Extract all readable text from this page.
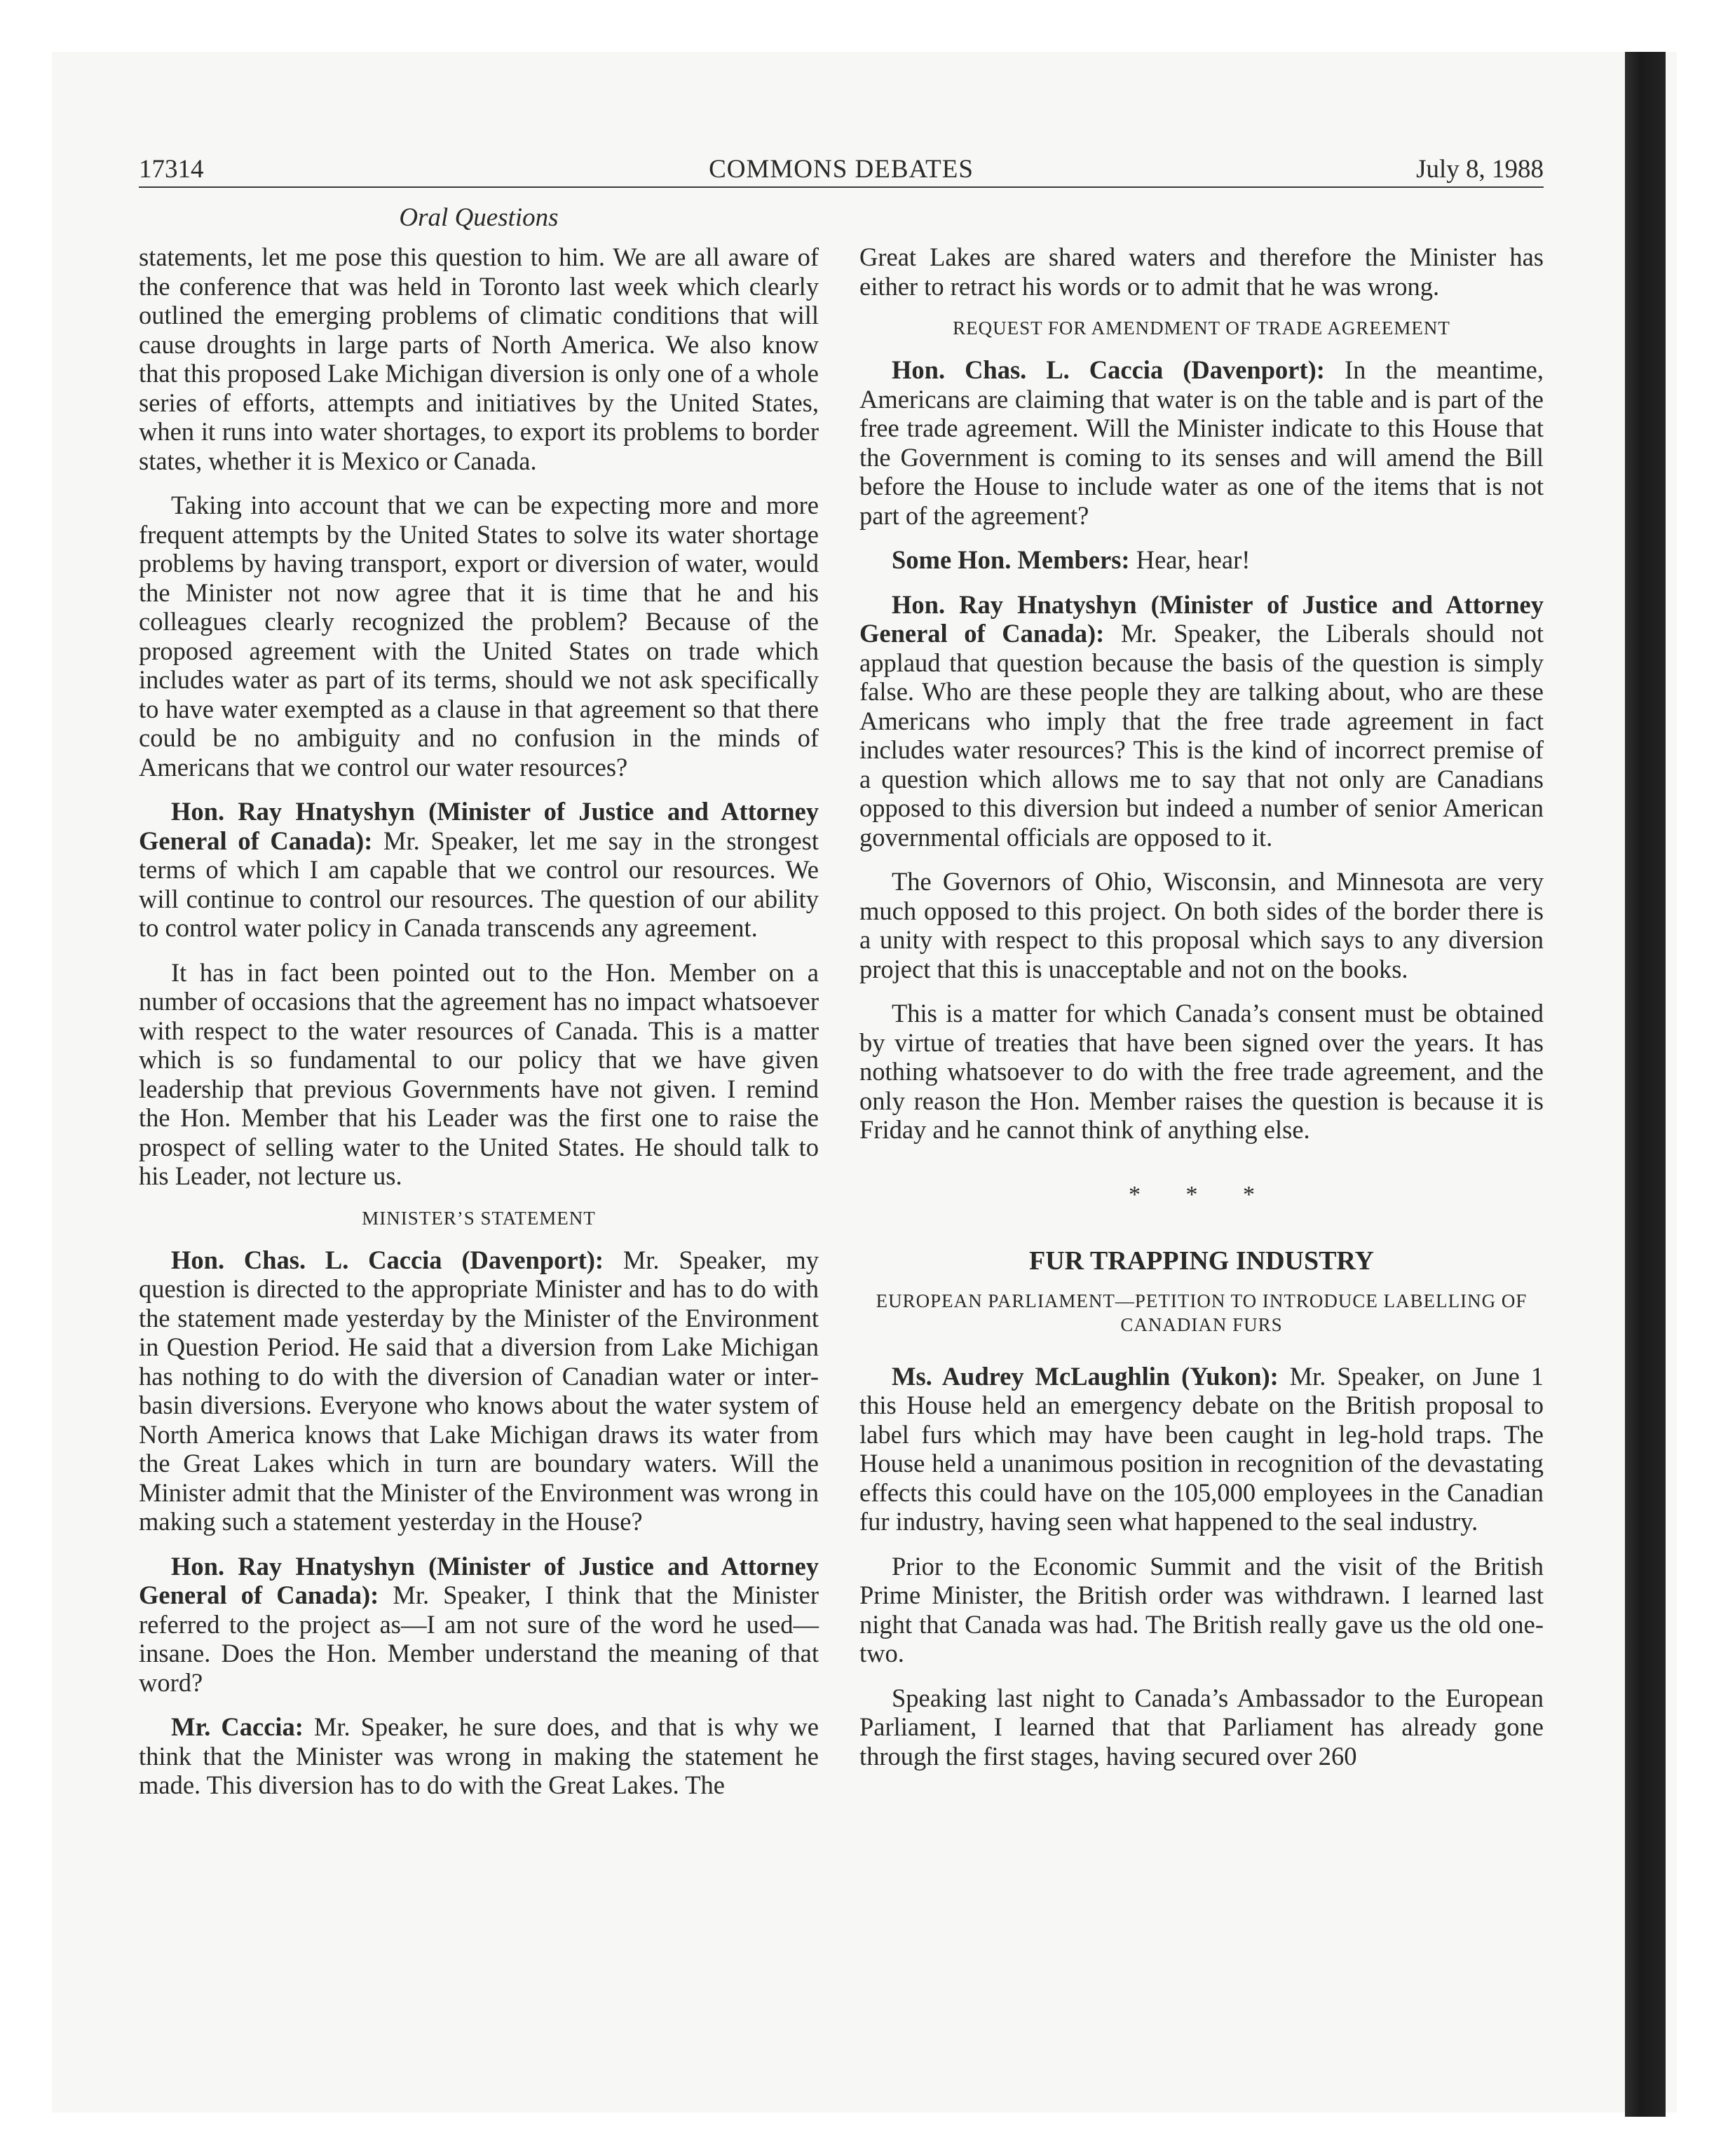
17314	COMMONS DEBATES	July 8, 1988
Oral Questions

statements, let me pose this question to him. We are all aware of the conference that was held in Toronto last week which clearly outlined the emerging problems of climatic conditions that will cause droughts in large parts of North America. We also know that this proposed Lake Michigan diversion is only one of a whole series of efforts, attempts and initiatives by the United States, when it runs into water shortages, to export its problems to border states, whether it is Mexico or Canada.

Taking into account that we can be expecting more and more frequent attempts by the United States to solve its water shortage problems by having transport, export or diversion of water, would the Minister not now agree that it is time that he and his colleagues clearly recognized the problem? Because of the proposed agreement with the United States on trade which includes water as part of its terms, should we not ask specifically to have water exempted as a clause in that agreement so that there could be no ambiguity and no confusion in the minds of Americans that we control our water resources?

Hon. Ray Hnatyshyn (Minister of Justice and Attorney General of Canada): Mr. Speaker, let me say in the strongest terms of which I am capable that we control our resources. We will continue to control our resources. The question of our ability to control water policy in Canada transcends any agreement.

It has in fact been pointed out to the Hon. Member on a number of occasions that the agreement has no impact whatsoever with respect to the water resources of Canada. This is a matter which is so fundamental to our policy that we have given leadership that previous Governments have not given. I remind the Hon. Member that his Leader was the first one to raise the prospect of selling water to the United States. He should talk to his Leader, not lecture us.

MINISTER’S STATEMENT

Hon. Chas. L. Caccia (Davenport): Mr. Speaker, my question is directed to the appropriate Minister and has to do with the statement made yesterday by the Minister of the Environment in Question Period. He said that a diversion from Lake Michigan has nothing to do with the diversion of Canadian water or inter-basin diversions. Everyone who knows about the water system of North America knows that Lake Michigan draws its water from the Great Lakes which in turn are boundary waters. Will the Minister admit that the Minister of the Environment was wrong in making such a statement yesterday in the House?

Hon. Ray Hnatyshyn (Minister of Justice and Attorney General of Canada): Mr. Speaker, I think that the Minister referred to the project as—I am not sure of the word he used—insane. Does the Hon. Member understand the meaning of that word?

Mr. Caccia: Mr. Speaker, he sure does, and that is why we think that the Minister was wrong in making the statement he made. This diversion has to do with the Great Lakes. The

Great Lakes are shared waters and therefore the Minister has either to retract his words or to admit that he was wrong.

REQUEST FOR AMENDMENT OF TRADE AGREEMENT

Hon. Chas. L. Caccia (Davenport): In the meantime, Americans are claiming that water is on the table and is part of the free trade agreement. Will the Minister indicate to this House that the Government is coming to its senses and will amend the Bill before the House to include water as one of the items that is not part of the agreement?

Some Hon. Members: Hear, hear!

Hon. Ray Hnatyshyn (Minister of Justice and Attorney General of Canada): Mr. Speaker, the Liberals should not applaud that question because the basis of the question is simply false. Who are these people they are talking about, who are these Americans who imply that the free trade agreement in fact includes water resources? This is the kind of incorrect premise of a question which allows me to say that not only are Canadians opposed to this diversion but indeed a number of senior American governmental officials are opposed to it.

The Governors of Ohio, Wisconsin, and Minnesota are very much opposed to this project. On both sides of the border there is a unity with respect to this proposal which says to any diversion project that this is unacceptable and not on the books.

This is a matter for which Canada’s consent must be obtained by virtue of treaties that have been signed over the years. It has nothing whatsoever to do with the free trade agreement, and the only reason the Hon. Member raises the question is because it is Friday and he cannot think of anything else.

* * *
FUR TRAPPING INDUSTRY
EUROPEAN PARLIAMENT—PETITION TO INTRODUCE LABELLING OF CANADIAN FURS

Ms. Audrey McLaughlin (Yukon): Mr. Speaker, on June 1 this House held an emergency debate on the British proposal to label furs which may have been caught in leg-hold traps. The House held a unanimous position in recognition of the devastating effects this could have on the 105,000 employees in the Canadian fur industry, having seen what happened to the seal industry.

Prior to the Economic Summit and the visit of the British Prime Minister, the British order was withdrawn. I learned last night that Canada was had. The British really gave us the old one-two.

Speaking last night to Canada’s Ambassador to the European Parliament, I learned that that Parliament has already gone through the first stages, having secured over 260
